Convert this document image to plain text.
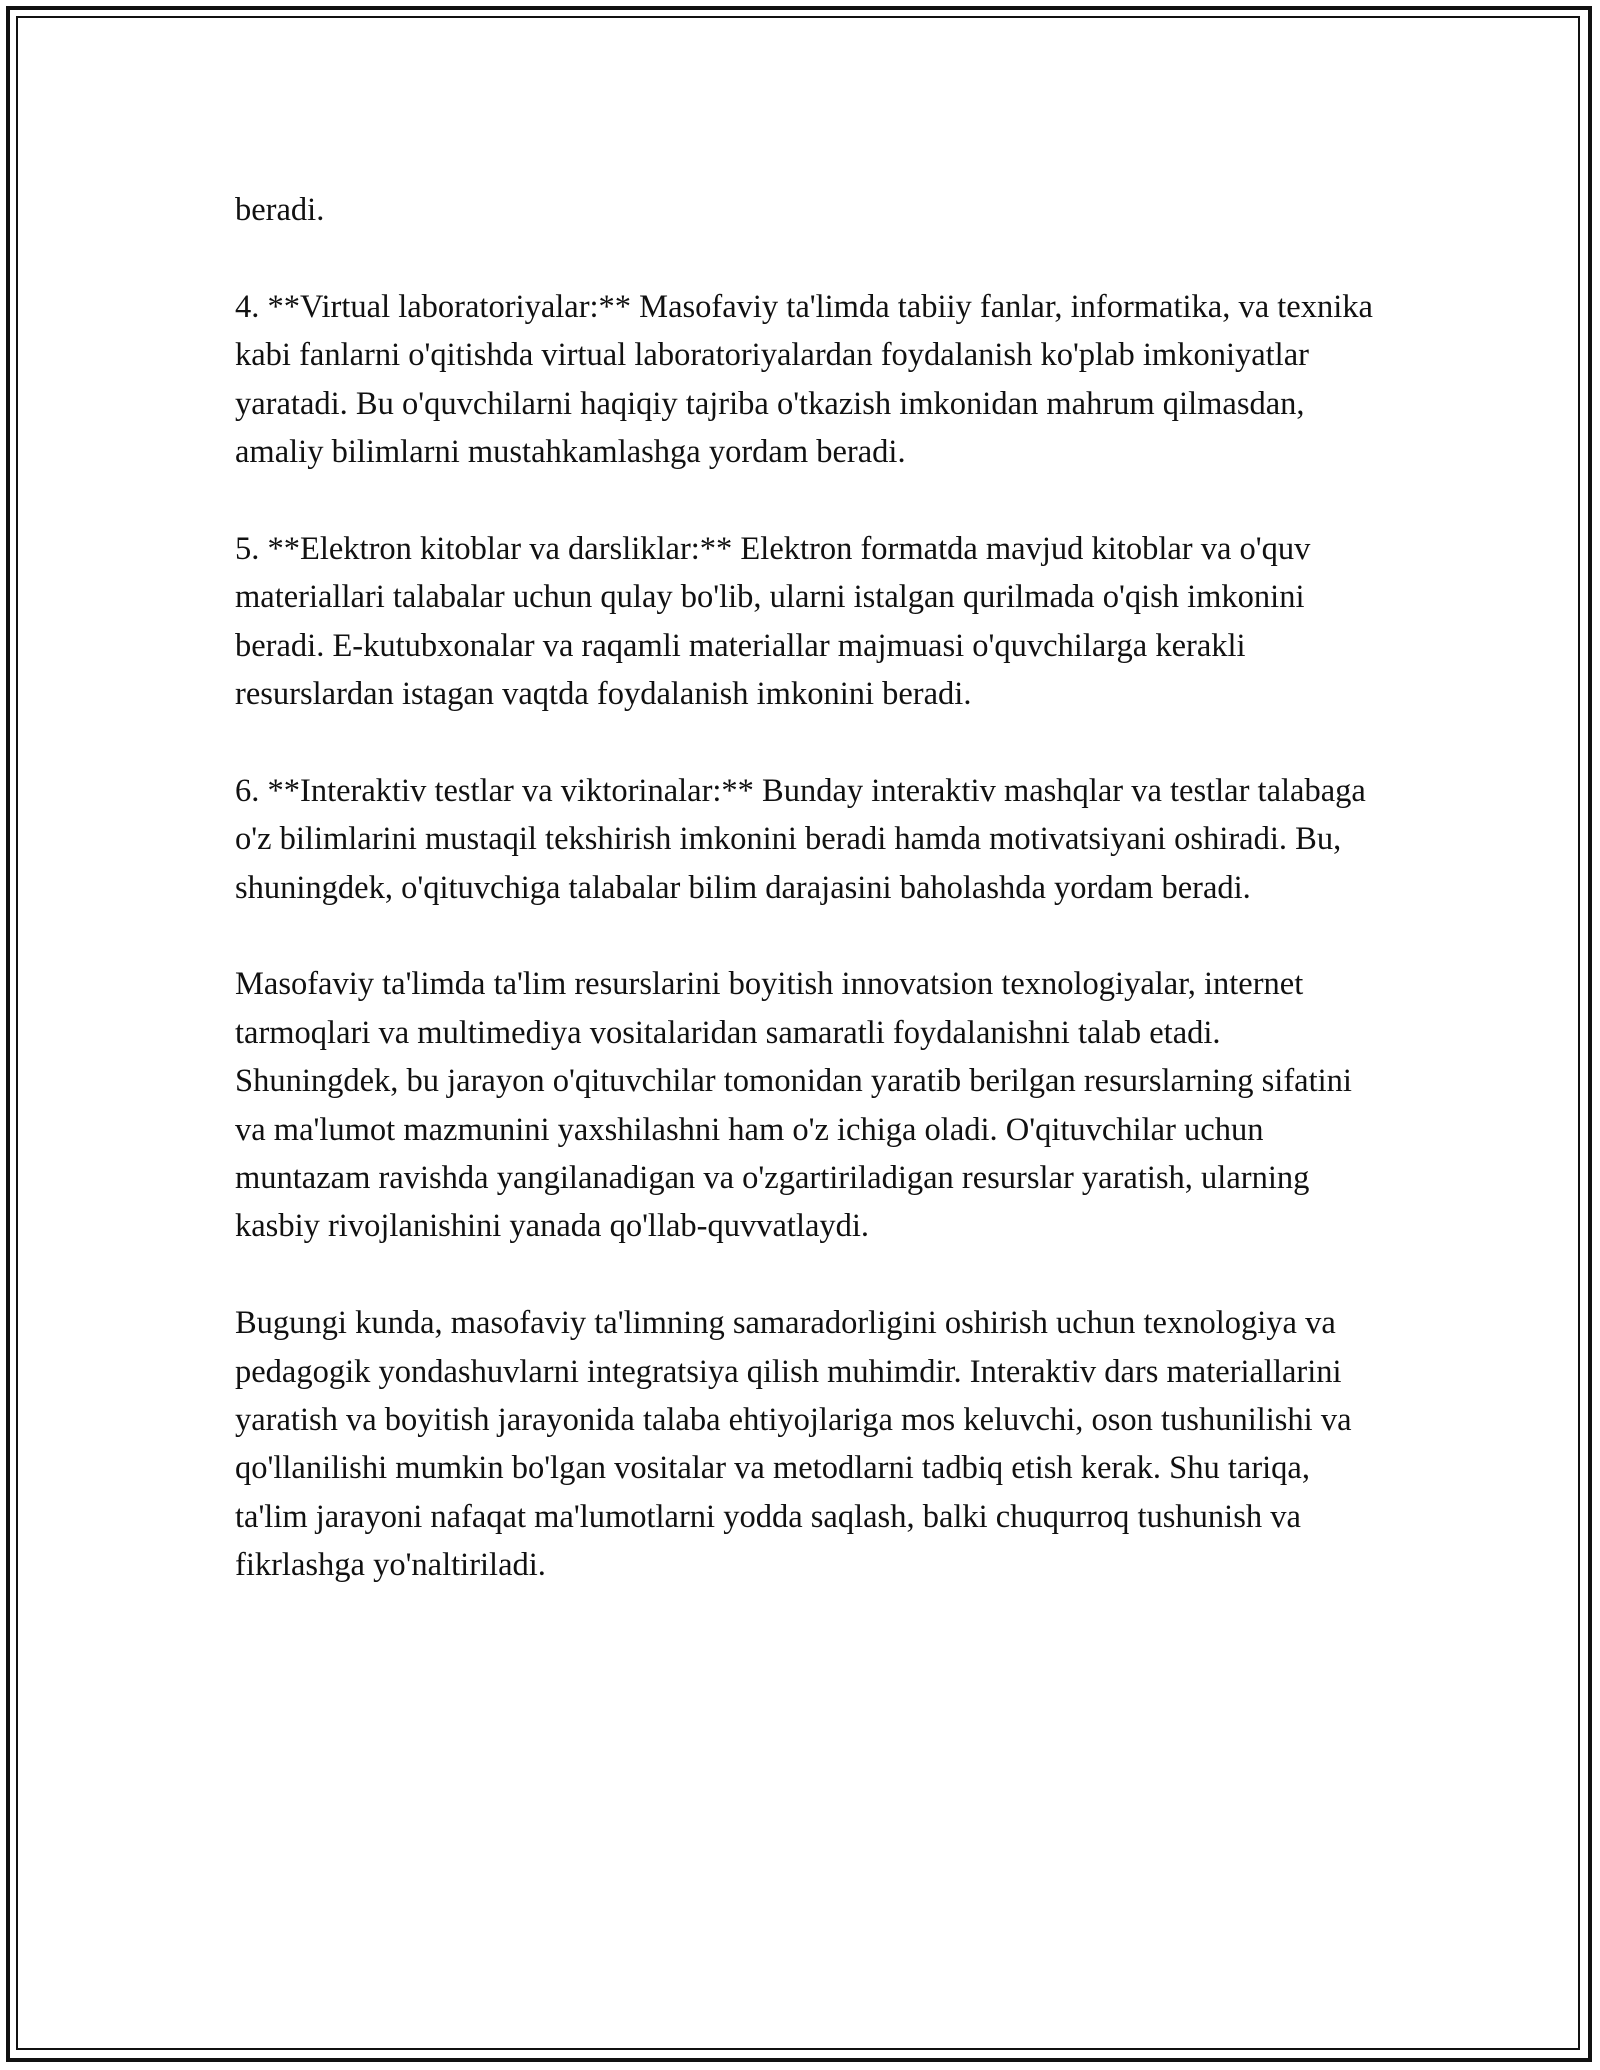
beradi.

4. **Virtual laboratoriyalar:** Masofaviy ta'limda tabiiy fanlar, informatika, va texnika kabi fanlarni o'qitishda virtual laboratoriyalardan foydalanish ko'plab imkoniyatlar yaratadi. Bu o'quvchilarni haqiqiy tajriba o'tkazish imkonidan mahrum qilmasdan, amaliy bilimlarni mustahkamlashga yordam beradi.

5. **Elektron kitoblar va darsliklar:** Elektron formatda mavjud kitoblar va o'quv materiallari talabalar uchun qulay bo'lib, ularni istalgan qurilmada o'qish imkonini beradi. E-kutubxonalar va raqamli materiallar majmuasi o'quvchilarga kerakli resurslardan istagan vaqtda foydalanish imkonini beradi.

6. **Interaktiv testlar va viktorinalar:** Bunday interaktiv mashqlar va testlar talabaga o'z bilimlarini mustaqil tekshirish imkonini beradi hamda motivatsiyani oshiradi. Bu, shuningdek, o'qituvchiga talabalar bilim darajasini baholashda yordam beradi.

Masofaviy ta'limda ta'lim resurslarini boyitish innovatsion texnologiyalar, internet tarmoqlari va multimediya vositalaridan samaratli foydalanishni talab etadi. Shuningdek, bu jarayon o'qituvchilar tomonidan yaratib berilgan resurslarning sifatini va ma'lumot mazmunini yaxshilashni ham o'z ichiga oladi. O'qituvchilar uchun muntazam ravishda yangilanadigan va o'zgartiriladigan resurslar yaratish, ularning kasbiy rivojlanishini yanada qo'llab-quvvatlaydi.

Bugungi kunda, masofaviy ta'limning samaradorligini oshirish uchun texnologiya va pedagogik yondashuvlarni integratsiya qilish muhimdir. Interaktiv dars materiallarini yaratish va boyitish jarayonida talaba ehtiyojlariga mos keluvchi, oson tushunilishi va qo'llanilishi mumkin bo'lgan vositalar va metodlarni tadbiq etish kerak. Shu tariqa, ta'lim jarayoni nafaqat ma'lumotlarni yodda saqlash, balki chuqurroq tushunish va fikrlashga yo'naltiriladi.
